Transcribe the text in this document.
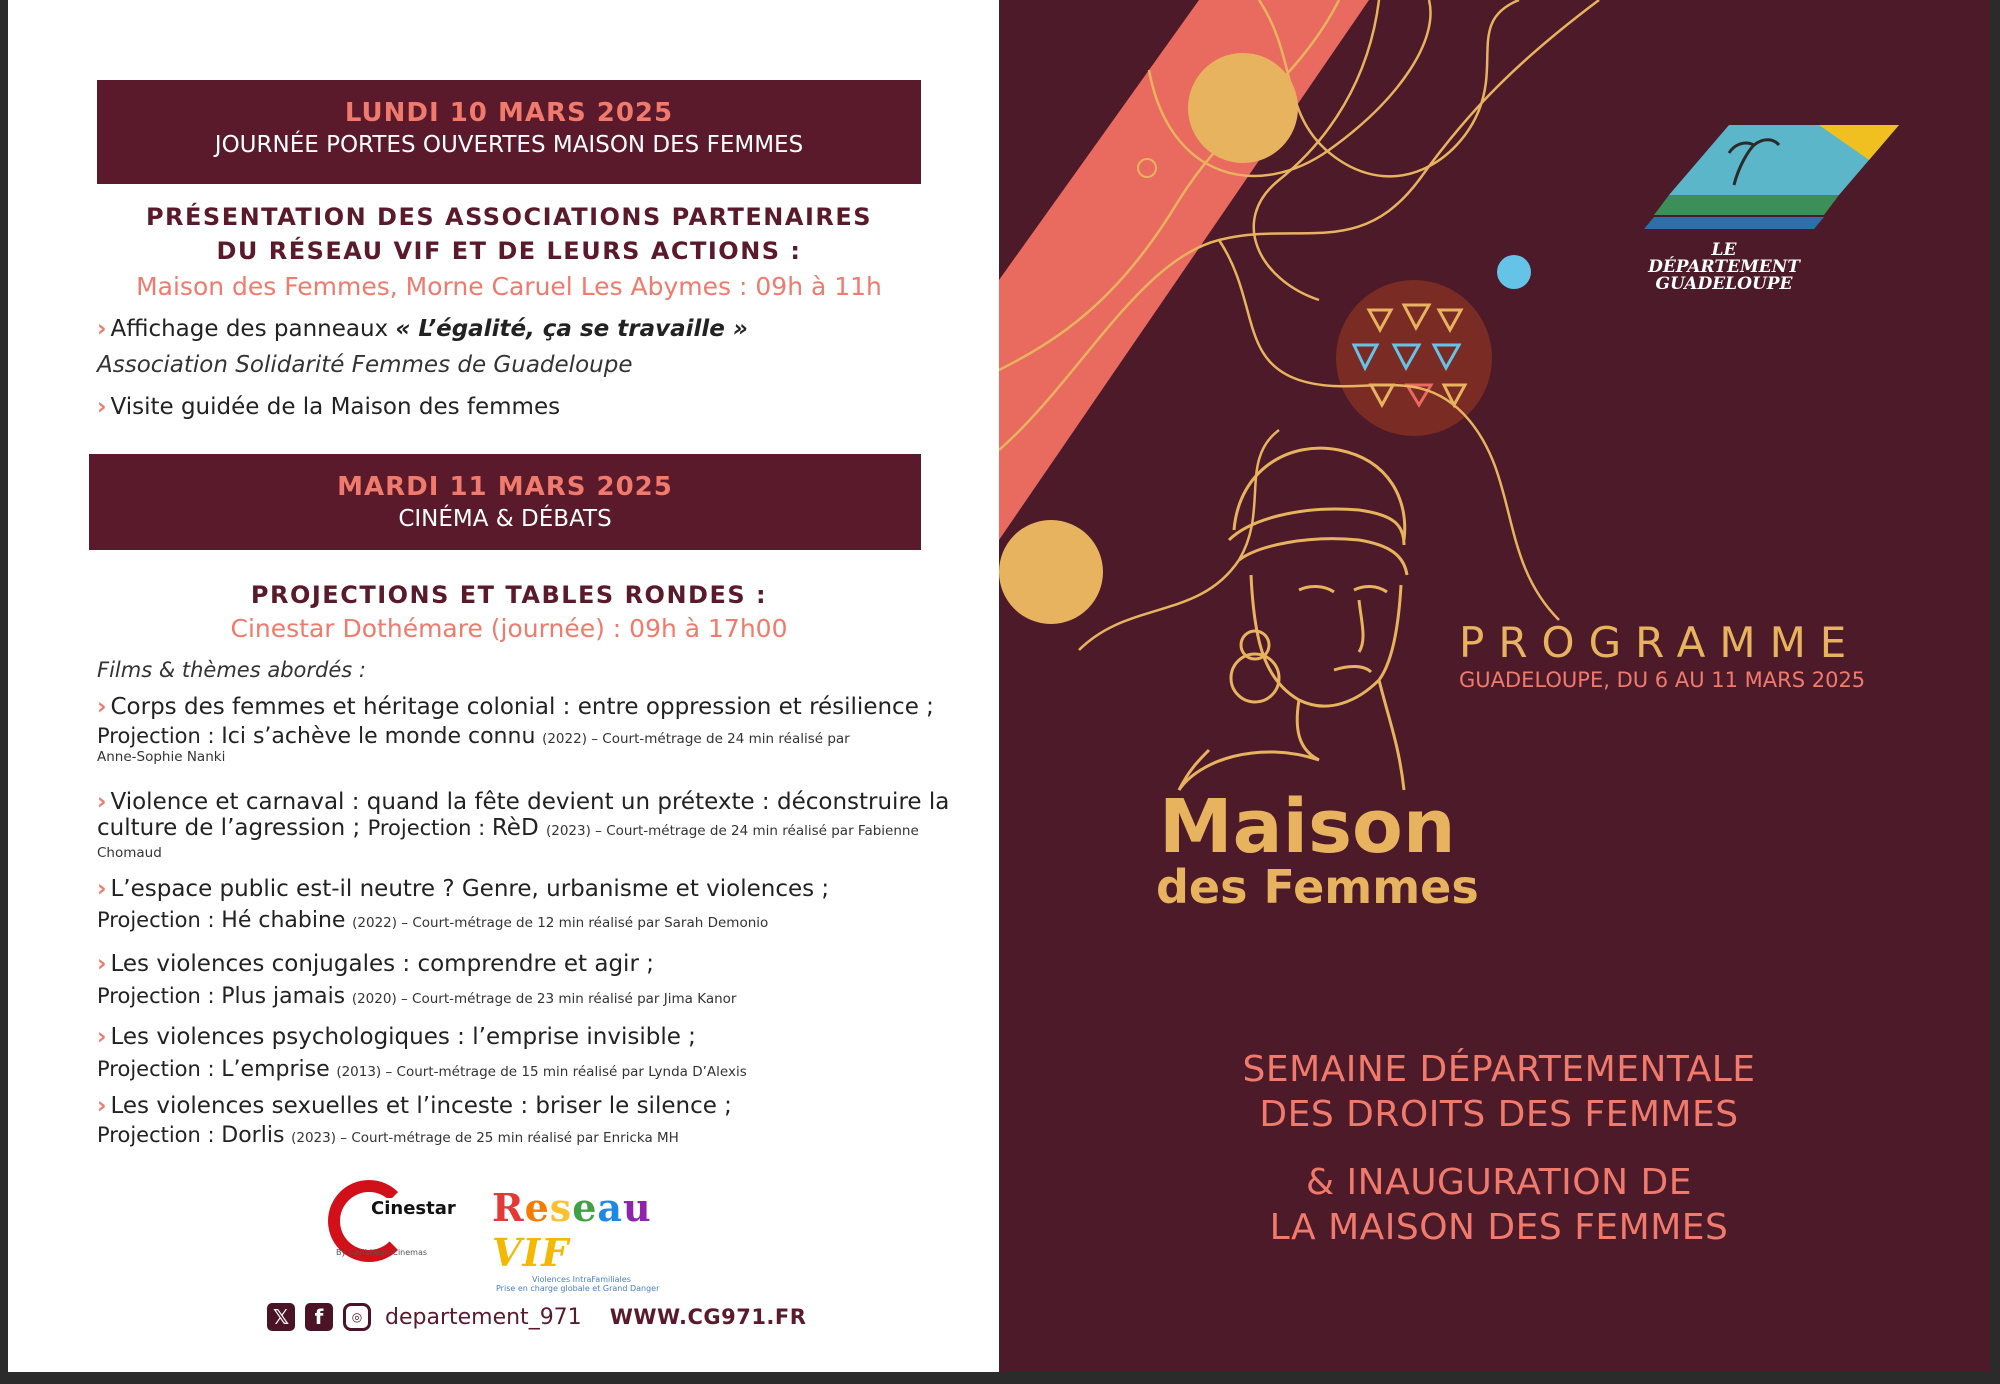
LUNDI 10 MARS 2025
JOURNÉE PORTES OUVERTES MAISON DES FEMMES
PRÉSENTATION DES ASSOCIATIONS PARTENAIRES
DU RÉSEAU VIF ET DE LEURS ACTIONS :
Maison des Femmes, Morne Caruel Les Abymes : 09h à 11h
› Affichage des panneaux « L’égalité, ça se travaille »
Association Solidarité Femmes de Guadeloupe
› Visite guidée de la Maison des femmes
MARDI 11 MARS 2025
CINÉMA & DÉBATS
PROJECTIONS ET TABLES RONDES :
Cinestar Dothémare (journée) : 09h à 17h00
Films & thèmes abordés :
› Corps des femmes et héritage colonial : entre oppression et résilience ;
Projection : Ici s’achève le monde connu (2022) – Court-métrage de 24 min réalisé par
Anne-Sophie Nanki
› Violence et carnaval : quand la fête devient un prétexte : déconstruire la
culture de l’agression ; Projection : RèD (2023) – Court-métrage de 24 min réalisé par Fabienne
Chomaud
› L’espace public est-il neutre ? Genre, urbanisme et violences ;
Projection : Hé chabine (2022) – Court-métrage de 12 min réalisé par Sarah Demonio
› Les violences conjugales : comprendre et agir ;
Projection : Plus jamais (2020) – Court-métrage de 23 min réalisé par Jima Kanor
› Les violences psychologiques : l’emprise invisible ;
Projection : L’emprise (2013) – Court-métrage de 15 min réalisé par Lynda D’Alexis
› Les violences sexuelles et l’inceste : briser le silence ;
Projection : Dorlis (2023) – Court-métrage de 25 min réalisé par Enricka MH
Cinestar
By Caribbean Cinemas
Reseau VIF
Violences IntraFamiliales
Prise en charge globale et Grand Danger
𝕏	f	◎	departement_971 WWW.CG971.FR
LE DÉPARTEMENT
GUADELOUPE
PROGRAMME
GUADELOUPE, DU 6 AU 11 MARS 2025
Maison
des Femmes
SEMAINE DÉPARTEMENTALE
DES DROITS DES FEMMES
& INAUGURATION DE
LA MAISON DES FEMMES
